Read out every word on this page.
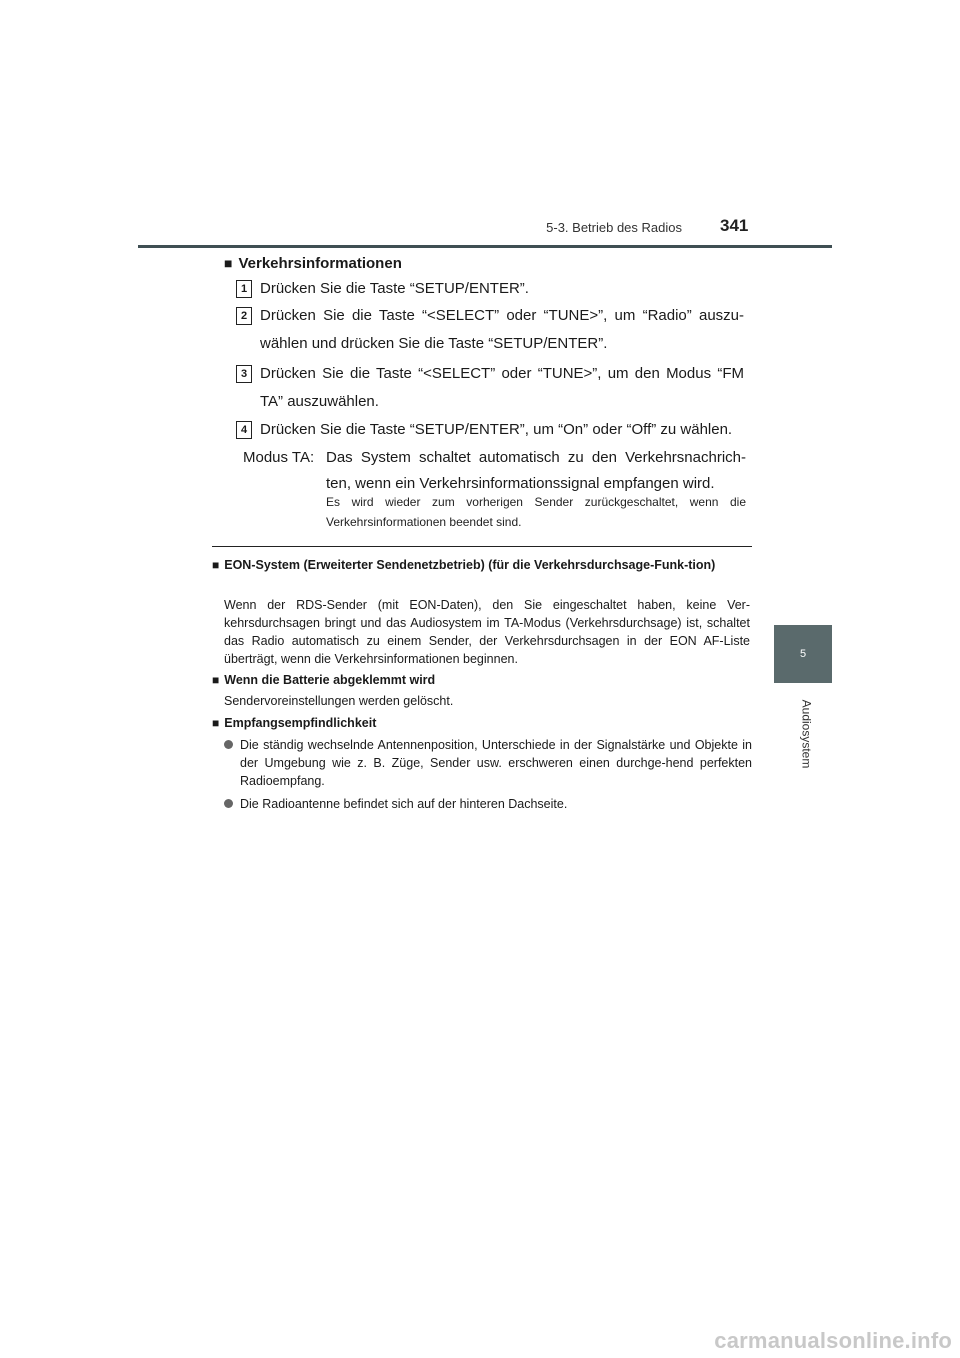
5-3. Betrieb des Radios 341
5
Audiosystem
■ Verkehrsinformationen
1 Drücken Sie die Taste “SETUP/ENTER”.
2 Drücken Sie die Taste “<SELECT” oder “TUNE>”, um “Radio” auszu-wählen und drücken Sie die Taste “SETUP/ENTER”.
3 Drücken Sie die Taste “<SELECT” oder “TUNE>”, um den Modus “FM TA” auszuwählen.
4 Drücken Sie die Taste “SETUP/ENTER”, um “On” oder “Off” zu wählen.
Modus TA: Das System schaltet automatisch zu den Verkehrsnachrich-ten, wenn ein Verkehrsinformationssignal empfangen wird.
Es wird wieder zum vorherigen Sender zurückgeschaltet, wenn die Verkehrsinformationen beendet sind.
■ EON-System (Erweiterter Sendenetzbetrieb) (für die Verkehrsdurchsage-Funk-tion)
Wenn der RDS-Sender (mit EON-Daten), den Sie eingeschaltet haben, keine Ver-kehrsdurchsagen bringt und das Audiosystem im TA-Modus (Verkehrsdurchsage) ist, schaltet das Radio automatisch zu einem Sender, der Verkehrsdurchsagen in der EON AF-Liste überträgt, wenn die Verkehrsinformationen beginnen.
■ Wenn die Batterie abgeklemmt wird
Sendervoreinstellungen werden gelöscht.
■ Empfangsempfindlichkeit
Die ständig wechselnde Antennenposition, Unterschiede in der Signalstärke und Objekte in der Umgebung wie z. B. Züge, Sender usw. erschweren einen durchge-hend perfekten Radioempfang.
Die Radioantenne befindet sich auf der hinteren Dachseite.
carmanualsonline.info
